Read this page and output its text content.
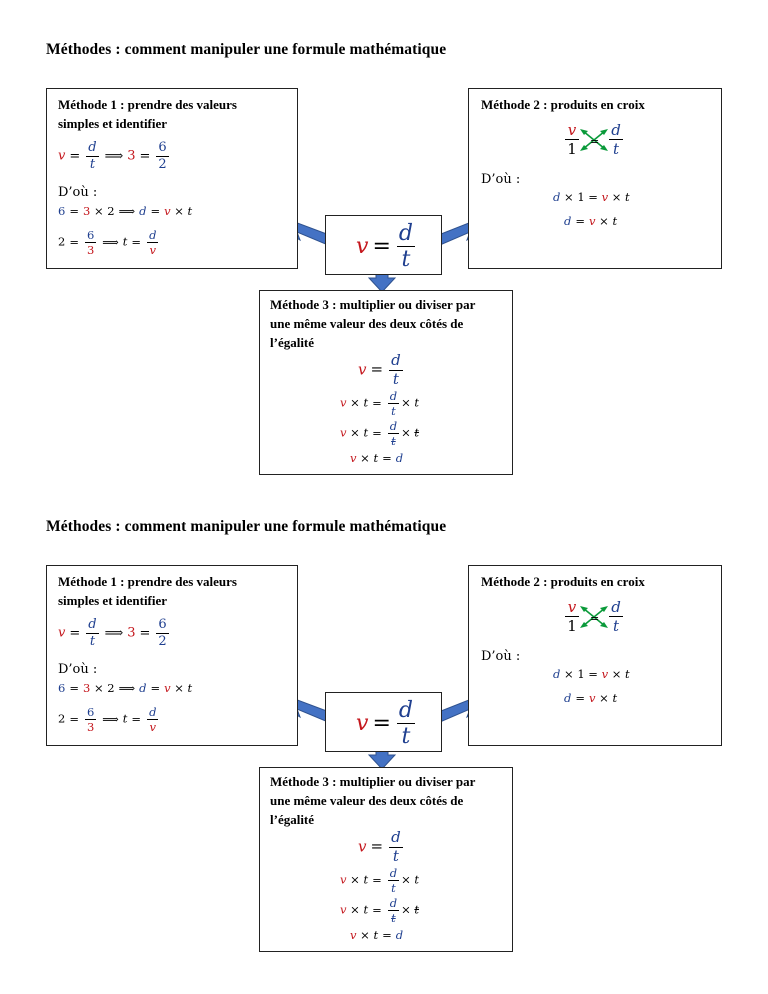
Méthodes : comment manipuler une formule mathématique
Méthode 1 : prendre des valeurs
simples et identifier
$v = \frac{d}{t}$ ⟹ $3 = \frac{6}{2}$
D’où :
6 = 3 × 2 ⟹ d = v × t
$2 = \frac{6}{3}$ ⟹ $t = \frac{d}{v}$
Méthode 2 : produits en croix
v
1 =
d
t
D’où :
d × 1 = v × t
d = v × t
$v = \frac{d}{t}$
Méthode 3 : multiplier ou diviser par
une même valeur des deux côtés de
l’égalité
$v = \frac{d}{t}$
$v \times t = \frac{d}{t} \times t$
$v \times t = \frac{d}{t} \times t$
v × t = d
Méthodes : comment manipuler une formule mathématique
Méthode 1 : prendre des valeurs
simples et identifier
$v = \frac{d}{t}$ ⟹ $3 = \frac{6}{2}$
D’où :
6 = 3 × 2 ⟹ d = v × t
$2 = \frac{6}{3}$ ⟹ $t = \frac{d}{v}$
Méthode 2 : produits en croix
v
1 =
d
t
D’où :
d × 1 = v × t
d = v × t
$v = \frac{d}{t}$
Méthode 3 : multiplier ou diviser par
une même valeur des deux côtés de
l’égalité
$v = \frac{d}{t}$
$v \times t = \frac{d}{t} \times t$
$v \times t = \frac{d}{t} \times t$
v × t = d
